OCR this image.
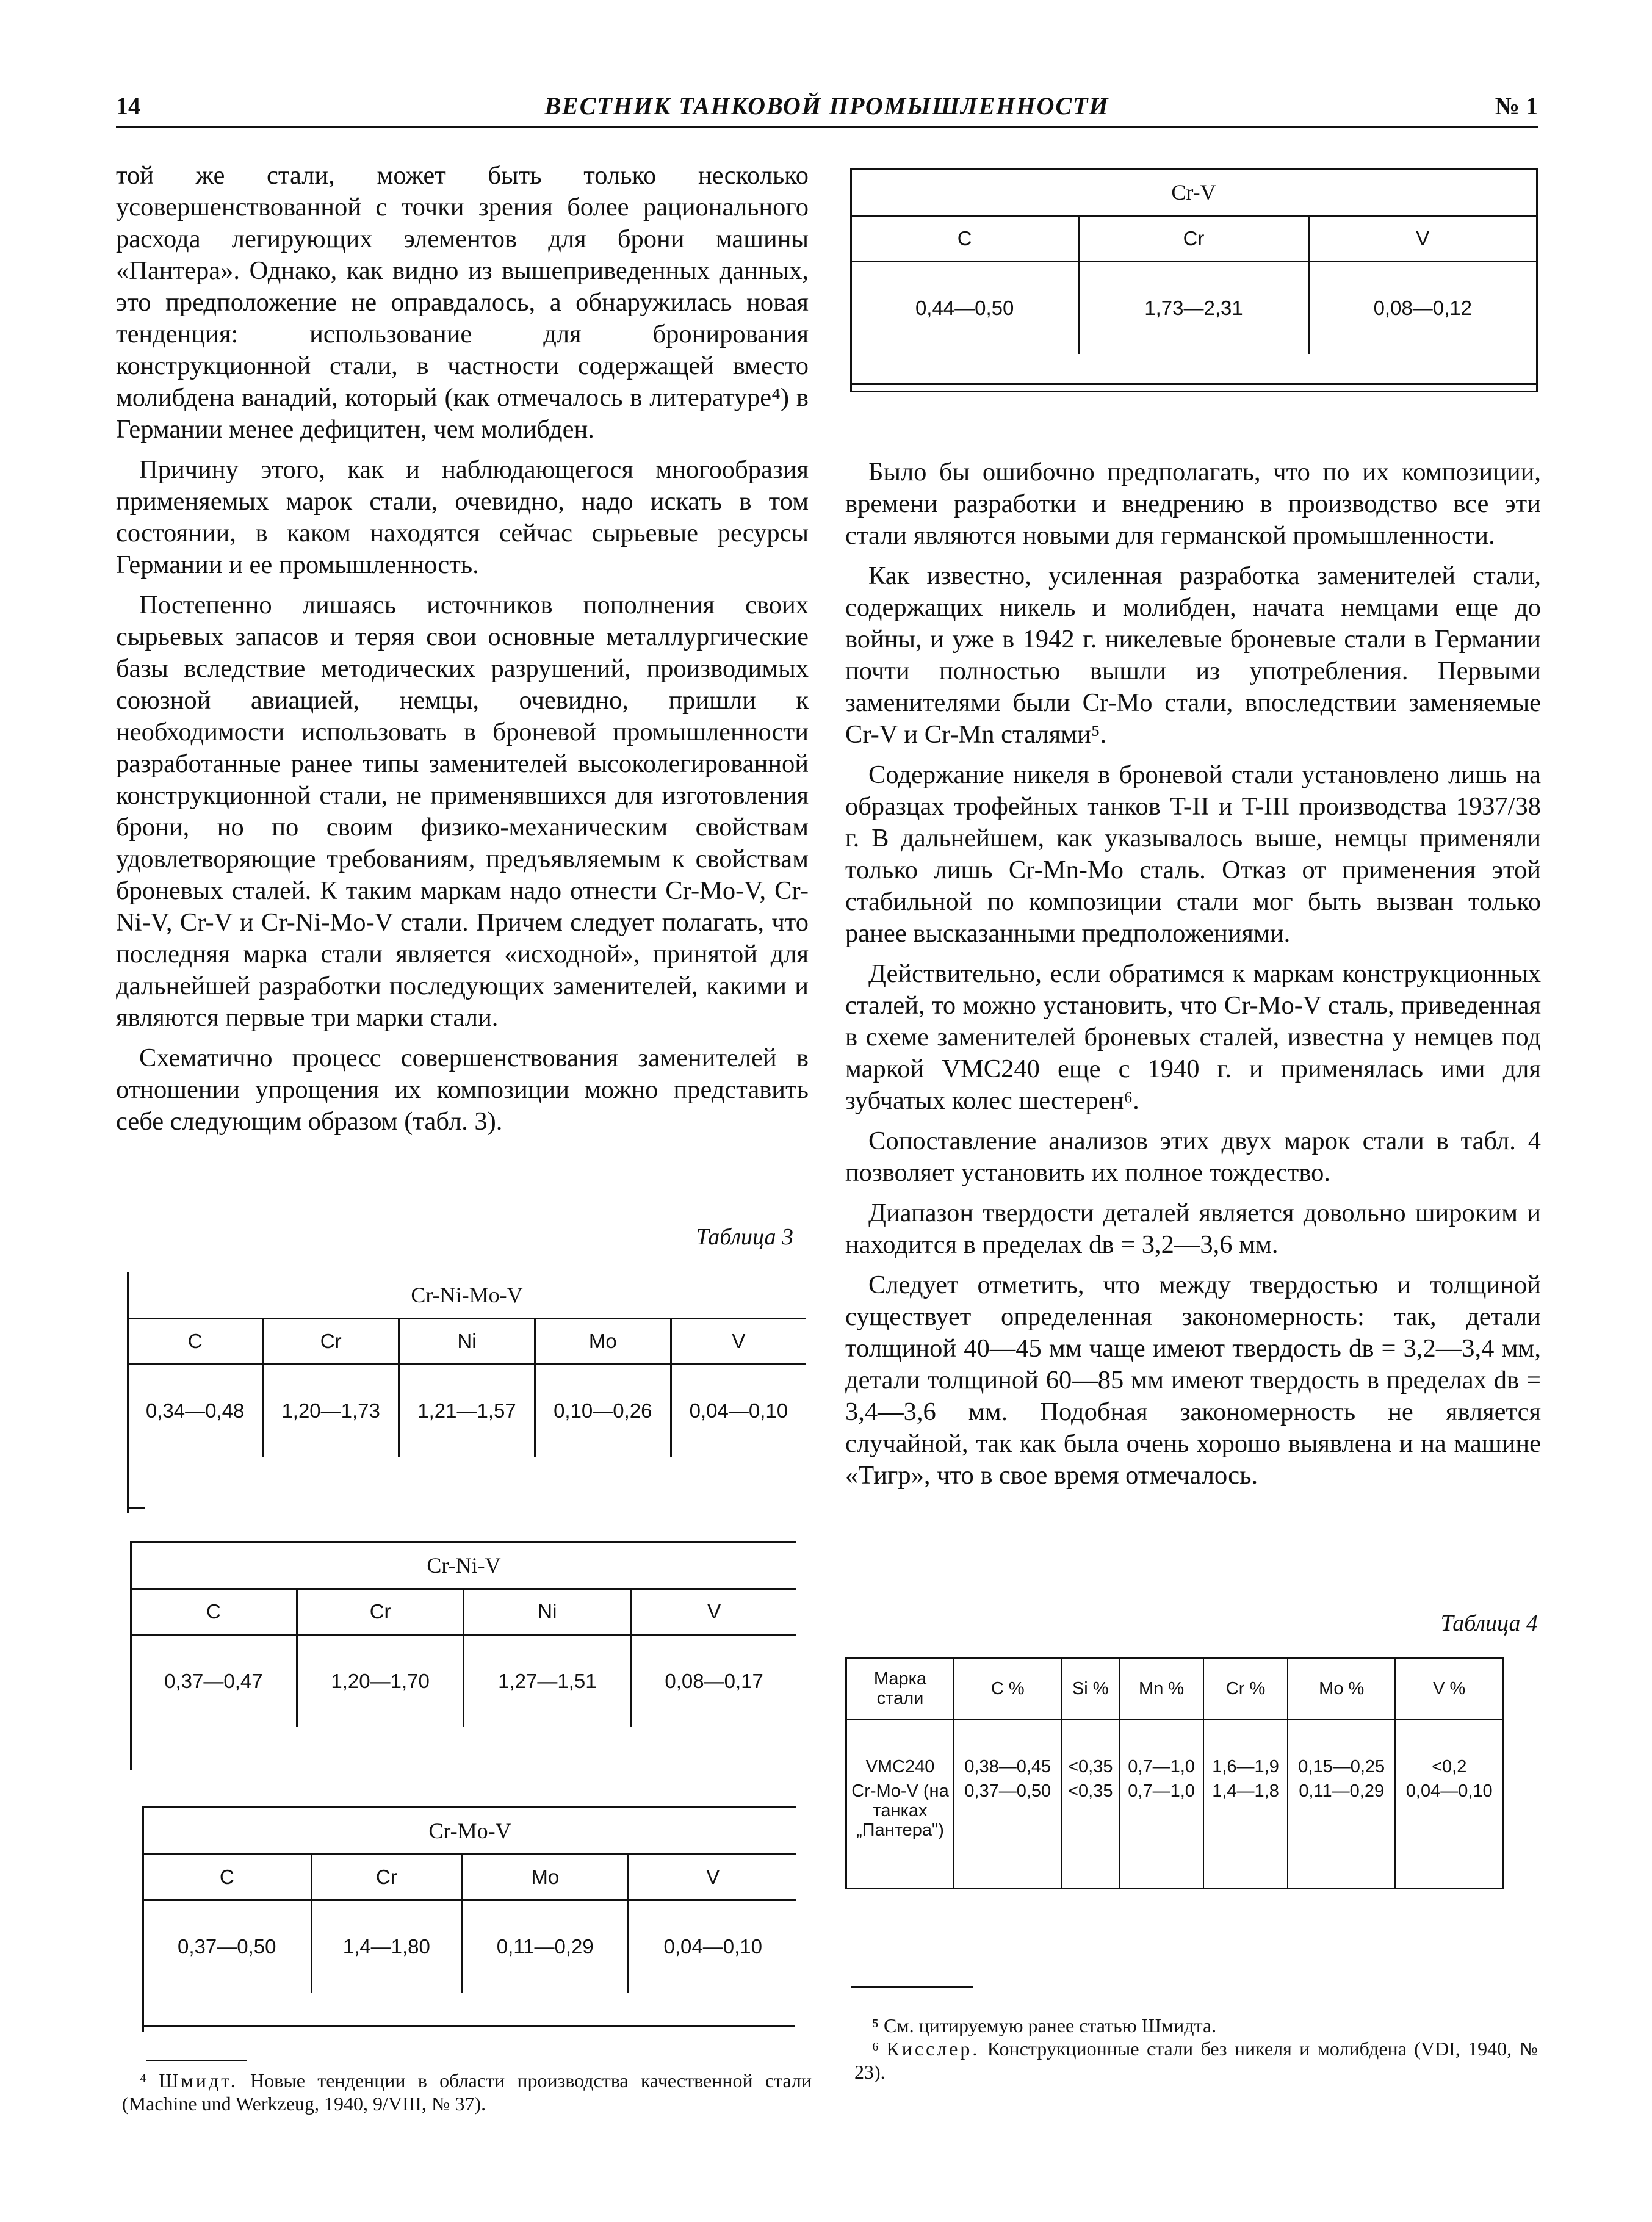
14	ВЕСТНИК ТАНКОВОЙ ПРОМЫШЛЕННОСТИ	№ 1

той же стали, может быть только несколько усовершенствованной с точки зрения более рационального расхода легирующих элементов для брони машины «Пантера». Однако, как видно из вышеприведенных данных, это предположение не оправдалось, а обнаружилась новая тенденция: использование для бронирования конструкционной стали, в частности содержащей вместо молибдена ванадий, который (как отмечалось в литературе⁴) в Германии менее дефицитен, чем молибден.

Причину этого, как и наблюдающегося многообразия применяемых марок стали, очевидно, надо искать в том состоянии, в каком находятся сейчас сырьевые ресурсы Германии и ее промышленность.

Постепенно лишаясь источников пополнения своих сырьевых запасов и теряя свои основные металлургические базы вследствие методических разрушений, производимых союзной авиацией, немцы, очевидно, пришли к необходимости использовать в броневой промышленности разработанные ранее типы заменителей высоколегированной конструкционной стали, не применявшихся для изготовления брони, но по своим физико-механическим свойствам удовлетворяющие требованиям, предъявляемым к свойствам броневых сталей. К таким маркам надо отнести Cr-Mo-V, Cr-Ni-V, Cr-V и Cr-Ni-Mo-V стали. Причем следует полагать, что последняя марка стали является «исходной», принятой для дальнейшей разработки последующих заменителей, какими и являются первые три марки стали.

Схематично процесс совершенствования заменителей в отношении упрощения их композиции можно представить себе следующим образом (табл. 3).

Таблица 3
Cr-Ni-Mo-V				
C	Cr	Ni	Mo	V
0,34—0,48	1,20—1,73	1,21—1,57	0,10—0,26	0,04—0,10
Cr-Ni-V			
C	Cr	Ni	V
0,37—0,47	1,20—1,70	1,27—1,51	0,08—0,17
Cr-Mo-V			
C	Cr	Mo	V
0,37—0,50	1,4—1,80	0,11—0,29	0,04—0,10
Cr-V		
C	Cr	V
0,44—0,50	1,73—2,31	0,08—0,12

Было бы ошибочно предполагать, что по их композиции, времени разработки и внедрению в производство все эти стали являются новыми для германской промышленности.

Как известно, усиленная разработка заменителей стали, содержащих никель и молибден, начата немцами еще до войны, и уже в 1942 г. никелевые броневые стали в Германии почти полностью вышли из употребления. Первыми заменителями были Cr-Mo стали, впоследствии заменяемые Cr-V и Cr-Mn сталями⁵.

Содержание никеля в броневой стали установлено лишь на образцах трофейных танков T-II и T-III производства 1937/38 г. В дальнейшем, как указывалось выше, немцы применяли только лишь Cr-Mn-Mo сталь. Отказ от применения этой стабильной по композиции стали мог быть вызван только ранее высказанными предположениями.

Действительно, если обратимся к маркам конструкционных сталей, то можно установить, что Cr-Mo-V сталь, приведенная в схеме заменителей броневых сталей, известна у немцев под маркой VMC240 еще с 1940 г. и применялась ими для зубчатых колес шестерен⁶.

Сопоставление анализов этих двух марок стали в табл. 4 позволяет установить их полное тождество.

Диапазон твердости деталей является довольно широким и находится в пределах dв = 3,2—3,6 мм.

Следует отметить, что между твердостью и толщиной существует определенная закономерность: так, детали толщиной 40—45 мм чаще имеют твердость dв = 3,2—3,4 мм, детали толщиной 60—85 мм имеют твердость в пределах dв = 3,4—3,6 мм. Подобная закономерность не является случайной, так как была очень хорошо выявлена и на машине «Тигр», что в свое время отмечалось.

Таблица 4
Марка стали	C %	Si %	Mn %	Cr %	Mo %	V %
VMC240	0,38—0,45	<0,35	0,7—1,0	1,6—1,9	0,15—0,25	<0,2
Cr-Mo-V (на танках „Пантера")	0,37—0,50	<0,35	0,7—1,0	1,4—1,8	0,11—0,29	0,04—0,10
⁴ Шмидт. Новые тенденции в области производства качественной стали (Machine und Werkzeug, 1940, 9/VIII, № 37).
⁵ См. цитируемую ранее статью Шмидта.
⁶ Кисслер. Конструкционные стали без никеля и молибдена (VDI, 1940, № 23).
